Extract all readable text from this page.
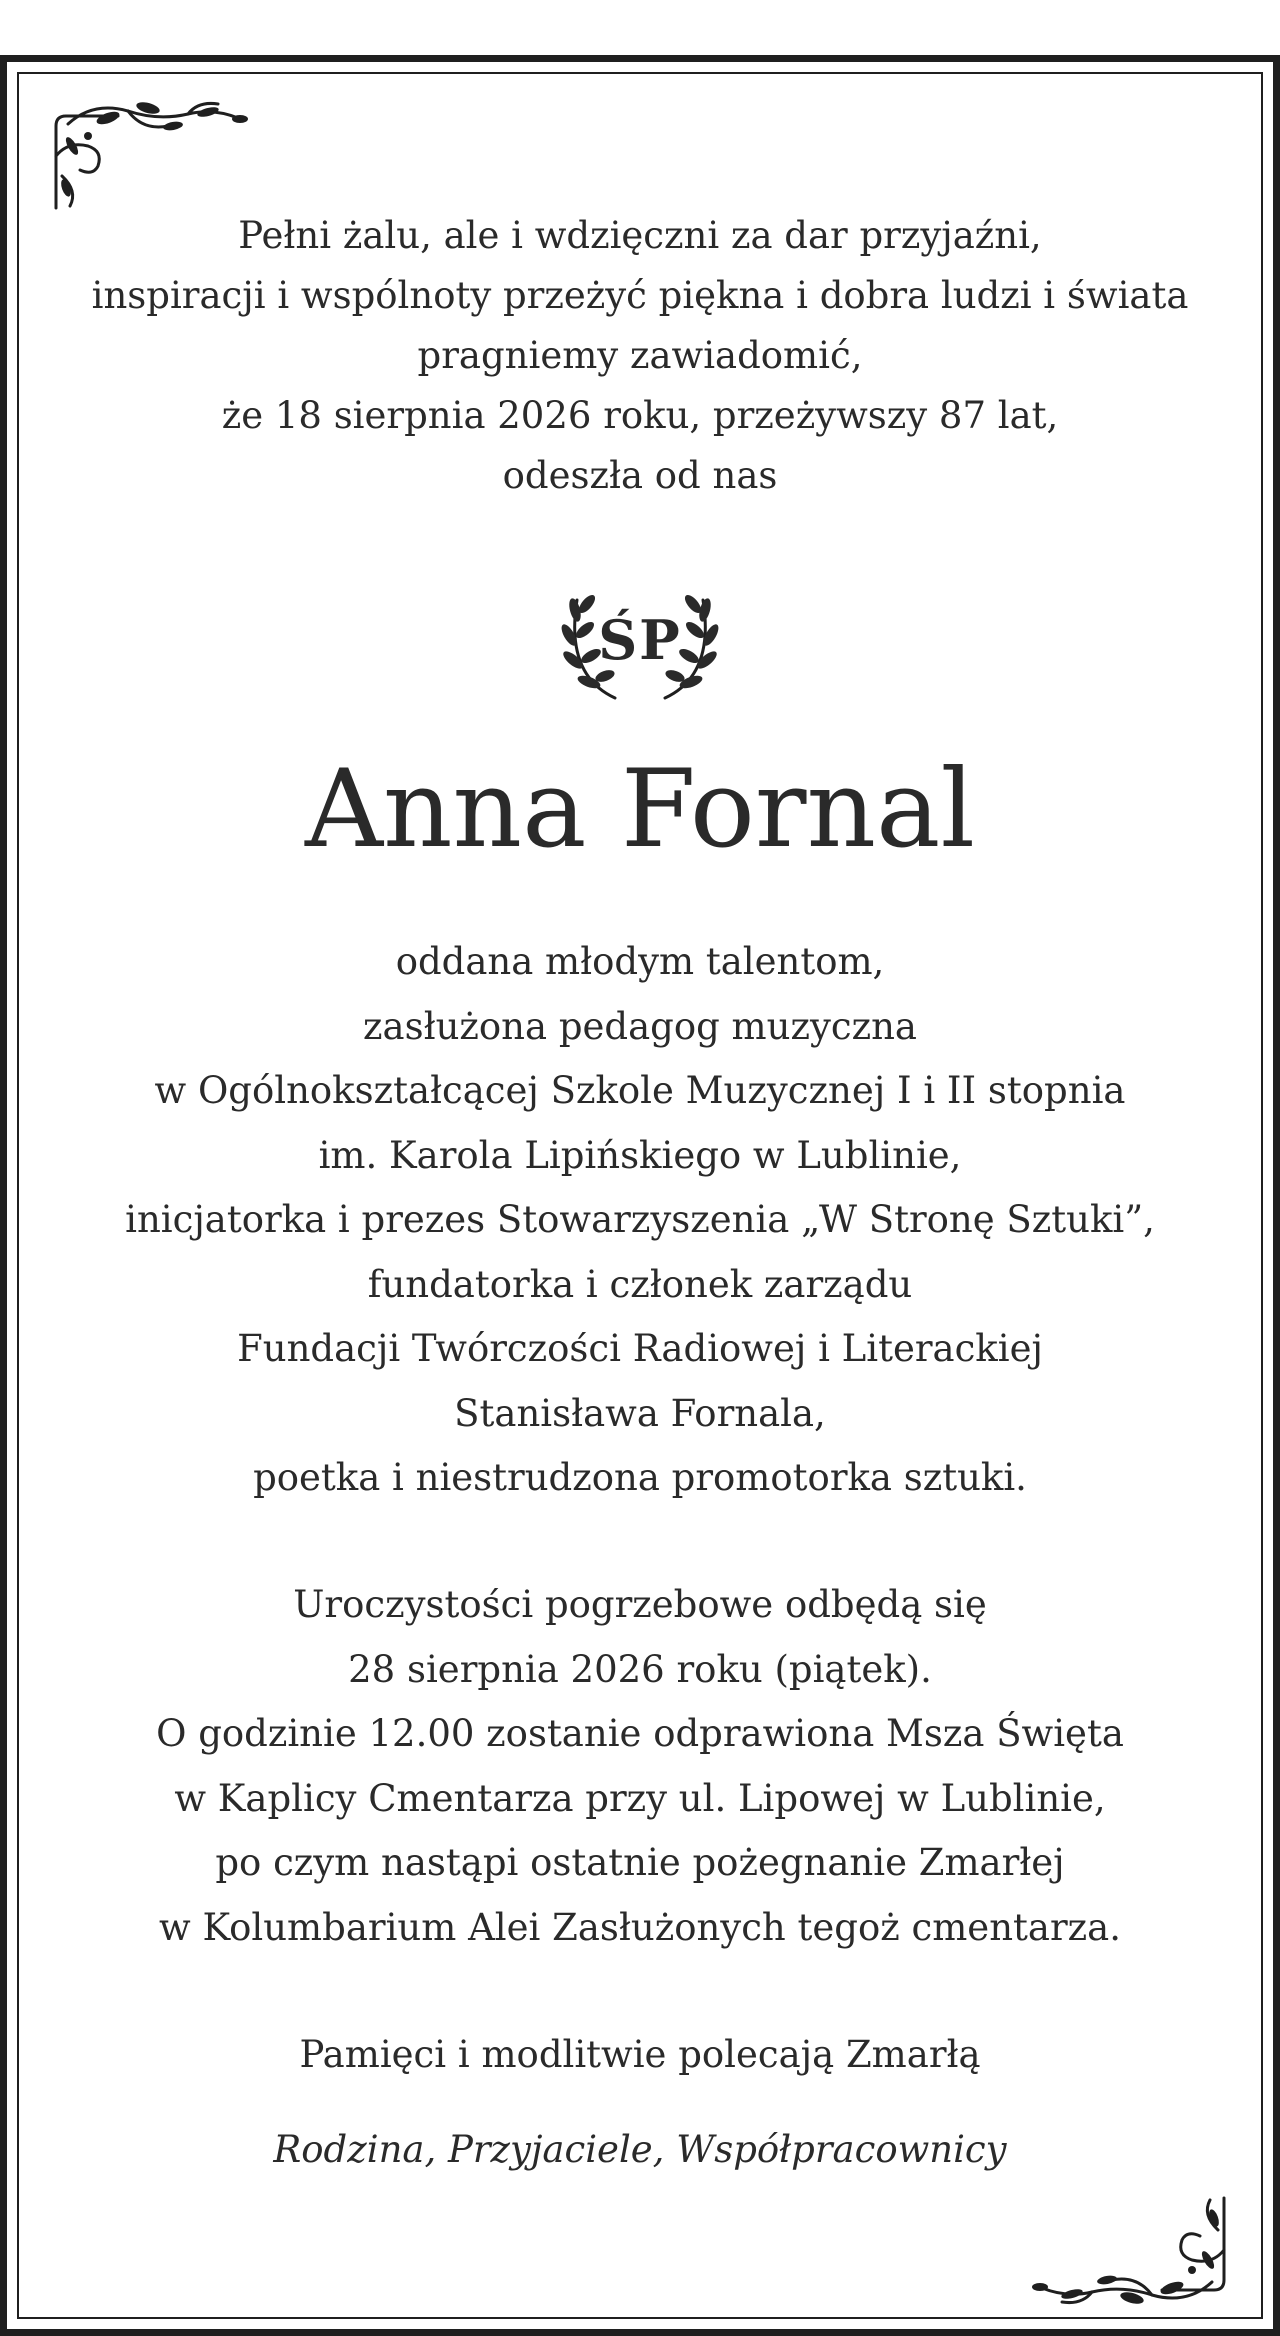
Pełni żalu, ale i wdzięczni za dar przyjaźni,
inspiracji i wspólnoty przeżyć piękna i dobra ludzi i świata
pragniemy zawiadomić,
że 18 sierpnia 2026 roku, przeżywszy 87 lat,
odeszła od nas
ŚP
Anna Fornal
oddana młodym talentom,
zasłużona pedagog muzyczna
w Ogólnokształcącej Szkole Muzycznej I i II stopnia
im. Karola Lipińskiego w Lublinie,
inicjatorka i prezes Stowarzyszenia „W Stronę Sztuki”,
fundatorka i członek zarządu
Fundacji Twórczości Radiowej i Literackiej
Stanisława Fornala,
poetka i niestrudzona promotorka sztuki.
Uroczystości pogrzebowe odbędą się
28 sierpnia 2026 roku (piątek).
O godzinie 12.00 zostanie odprawiona Msza Święta
w Kaplicy Cmentarza przy ul. Lipowej w Lublinie,
po czym nastąpi ostatnie pożegnanie Zmarłej
w Kolumbarium Alei Zasłużonych tegoż cmentarza.
Pamięci i modlitwie polecają Zmarłą
Rodzina, Przyjaciele, Współpracownicy
